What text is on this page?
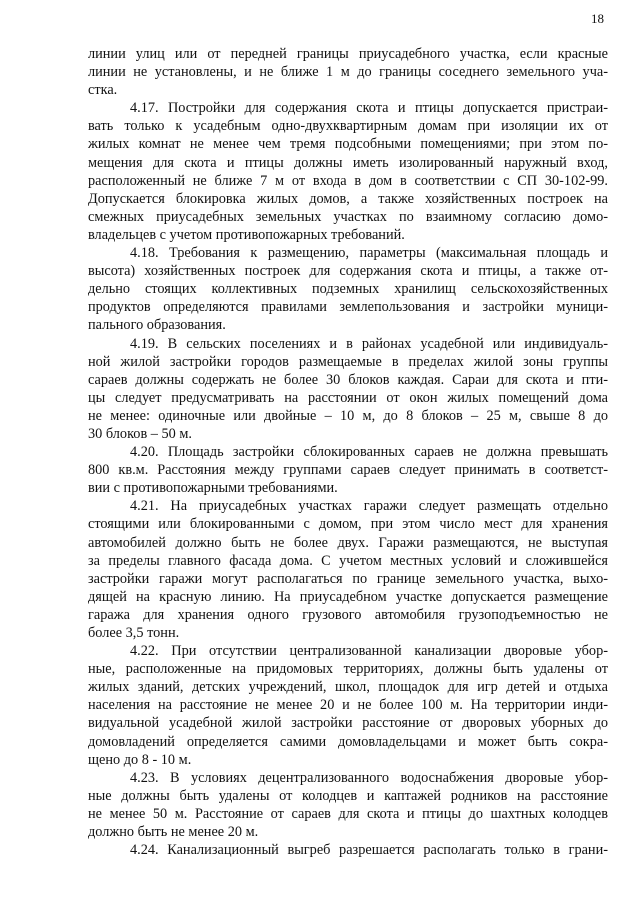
18
линии улиц или от передней границы приусадебного участка, если красные
линии не установлены, и не ближе 1 м до границы соседнего земельного уча-
стка.
4.17. Постройки для содержания скота и птицы допускается пристраи-
вать только к усадебным одно-двухквартирным домам при изоляции их от
жилых комнат не менее чем тремя подсобными помещениями; при этом по-
мещения для скота и птицы должны иметь изолированный наружный вход,
расположенный не ближе 7 м от входа в дом в соответствии с СП 30-102-99.
Допускается блокировка жилых домов, а также хозяйственных построек на
смежных приусадебных земельных участках по взаимному согласию домо-
владельцев с учетом противопожарных требований.
4.18. Требования к размещению, параметры (максимальная площадь и
высота) хозяйственных построек для содержания скота и птицы, а также от-
дельно стоящих коллективных подземных хранилищ сельскохозяйственных
продуктов определяются правилами землепользования и застройки муници-
пального образования.
4.19. В сельских поселениях и в районах усадебной или индивидуаль-
ной жилой застройки городов размещаемые в пределах жилой зоны группы
сараев должны содержать не более 30 блоков каждая. Сараи для скота и пти-
цы следует предусматривать на расстоянии от окон жилых помещений дома
не менее: одиночные или двойные – 10 м, до 8 блоков – 25 м, свыше 8 до
30 блоков – 50 м.
4.20. Площадь застройки сблокированных сараев не должна превышать
800 кв.м. Расстояния между группами сараев следует принимать в соответст-
вии с противопожарными требованиями.
4.21. На приусадебных участках гаражи следует размещать отдельно
стоящими или блокированными с домом, при этом число мест для хранения
автомобилей должно быть не более двух. Гаражи размещаются, не выступая
за пределы главного фасада дома. С учетом местных условий и сложившейся
застройки гаражи могут располагаться по границе земельного участка, выхо-
дящей на красную линию. На приусадебном участке допускается размещение
гаража для хранения одного грузового автомобиля грузоподъемностью не
более 3,5 тонн.
4.22. При отсутствии централизованной канализации дворовые убор-
ные, расположенные на придомовых территориях, должны быть удалены от
жилых зданий, детских учреждений, школ, площадок для игр детей и отдыха
населения на расстояние не менее 20 и не более 100 м. На территории инди-
видуальной усадебной жилой застройки расстояние от дворовых уборных до
домовладений определяется самими домовладельцами и может быть сокра-
щено до 8 - 10 м.
4.23. В условиях децентрализованного водоснабжения дворовые убор-
ные должны быть удалены от колодцев и каптажей родников на расстояние
не менее 50 м. Расстояние от сараев для скота и птицы до шахтных колодцев
должно быть не менее 20 м.
4.24. Канализационный выгреб разрешается располагать только в грани-
